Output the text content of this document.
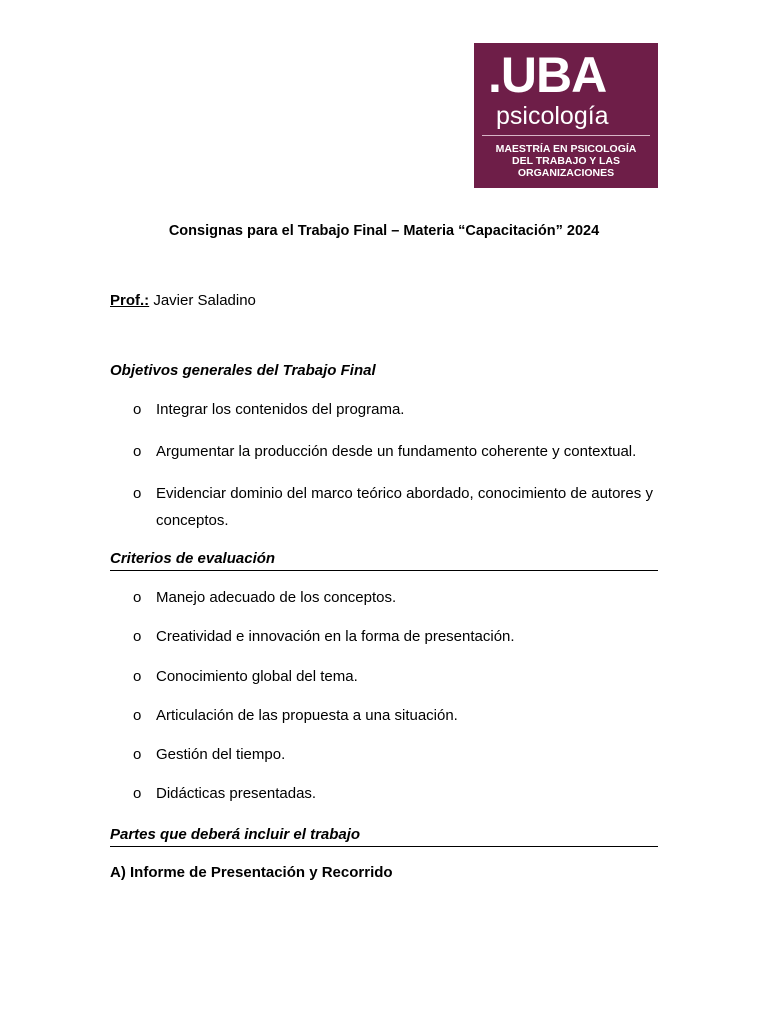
.UBA
psicología
MAESTRÍA EN PSICOLOGÍA
DEL TRABAJO Y LAS
ORGANIZACIONES
Consignas para el Trabajo Final – Materia “Capacitación” 2024
Prof.: Javier Saladino
Objetivos generales del Trabajo Final
o Integrar los contenidos del programa.
o Argumentar la producción desde un fundamento coherente y contextual.
o Evidenciar dominio del marco teórico abordado, conocimiento de autores y conceptos.
Criterios de evaluación
o Manejo adecuado de los conceptos.
o Creatividad e innovación en la forma de presentación.
o Conocimiento global del tema.
o Articulación de las propuesta a una situación.
o Gestión del tiempo.
o Didácticas presentadas.
Partes que deberá incluir el trabajo
A) Informe de Presentación y Recorrido
